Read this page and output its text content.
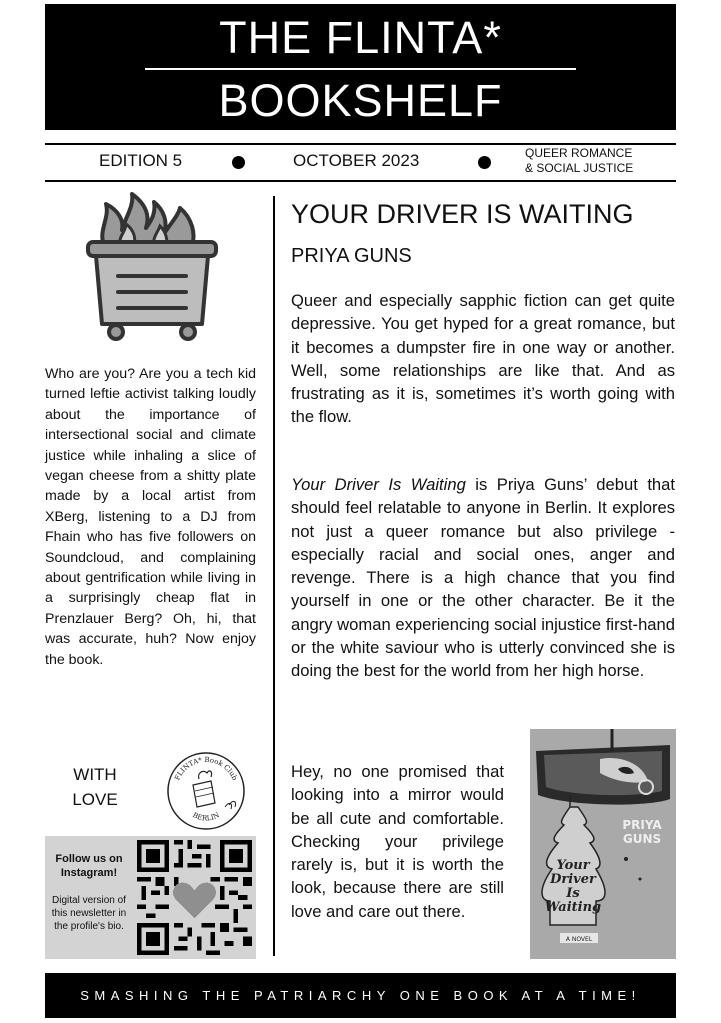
THE FLINTA*
BOOKSHELF
EDITION 5	OCTOBER 2023	QUEER ROMANCE
& SOCIAL JUSTICE
Who are you? Are you a tech kid turned leftie activist talking loudly about the importance of intersectional social and climate justice while inhaling a slice of vegan cheese from a shitty plate made by a local artist from XBerg, listening to a DJ from Fhain who has five followers on Soundcloud, and complaining about gentrification while living in a surprisingly cheap flat in Prenzlauer Berg? Oh, hi, that was accurate, huh? Now enjoy the book.
WITH
LOVE
FLINTA* Book Club
BERLIN
Follow us on
Instagram!
Digital version of this newsletter in the profile's bio.
YOUR DRIVER IS WAITING
PRIYA GUNS
Queer and especially sapphic fiction can get quite depressive. You get hyped for a great romance, but it becomes a dumpster fire in one way or another. Well, some relationships are like that. And as frustrating as it is, sometimes it’s worth going with the flow.
Your Driver Is Waiting is Priya Guns’ debut that should feel relatable to anyone in Berlin. It explores not just a queer romance but also privilege - especially racial and social ones, anger and revenge. There is a high chance that you find yourself in one or the other character. Be it the angry woman experiencing social injustice first-hand or the white saviour who is utterly convinced she is doing the best for the world from her high horse.
Hey, no one promised that looking into a mirror would be all cute and comfortable. Checking your privilege rarely is, but it is worth the look, because there are still love and care out there.
Your
Driver
Is
Waiting
PRIYA
GUNS
A NOVEL
SMASHING THE PATRIARCHY ONE BOOK AT A TIME!
